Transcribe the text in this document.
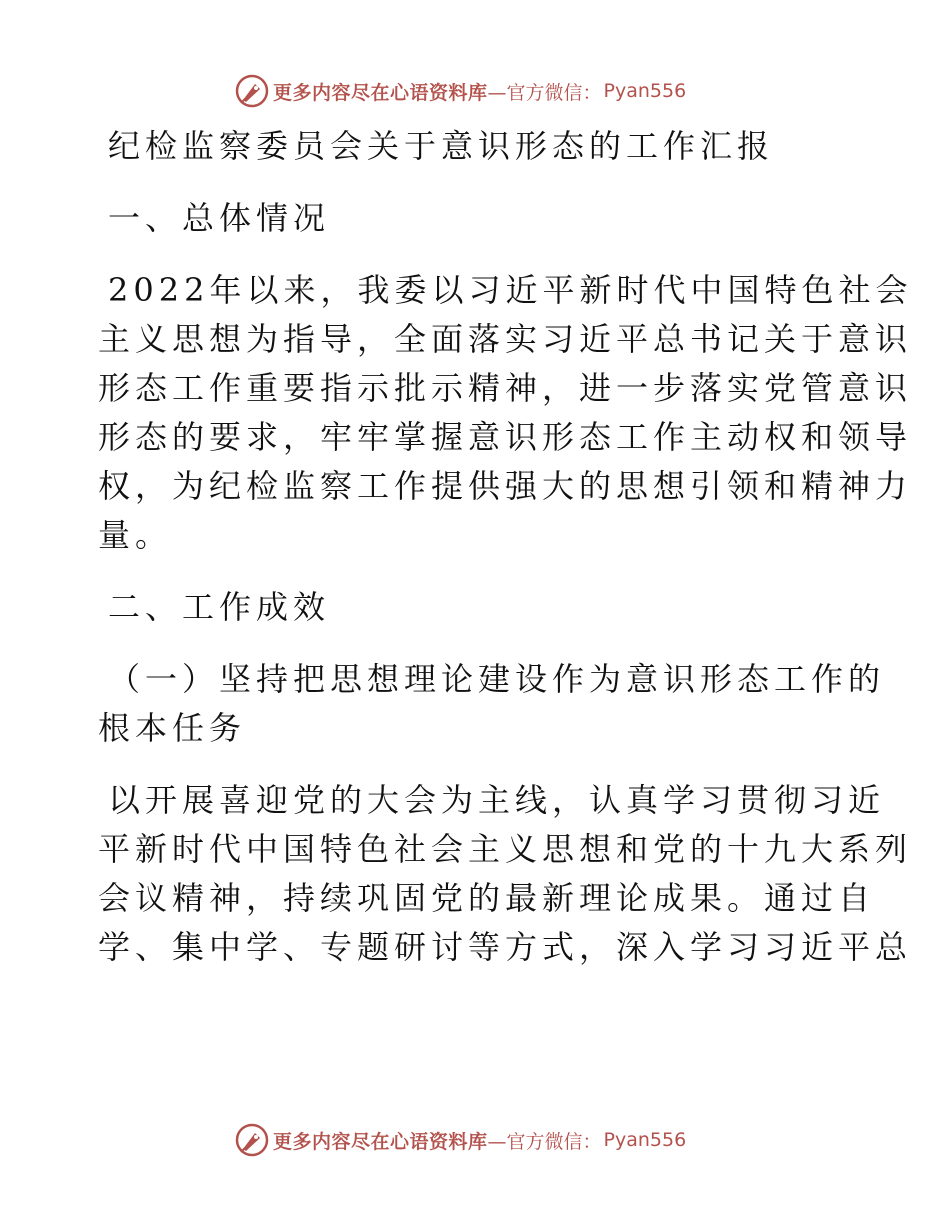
更多内容尽在心语资料库 —官方微信： Pyan556

纪检监察委员会关于意识形态的工作汇报

一、总体情况

2022年以来，我委以习近平新时代中国特色社会

主义思想为指导，全面落实习近平总书记关于意识

形态工作重要指示批示精神，进一步落实党管意识

形态的要求，牢牢掌握意识形态工作主动权和领导

权，为纪检监察工作提供强大的思想引领和精神力

量。

二、工作成效

（一）坚持把思想理论建设作为意识形态工作的

根本任务

以开展喜迎党的大会为主线，认真学习贯彻习近

平新时代中国特色社会主义思想和党的十九大系列

会议精神，持续巩固党的最新理论成果。通过自

学、集中学、专题研讨等方式，深入学习习近平总

更多内容尽在心语资料库 —官方微信： Pyan556
